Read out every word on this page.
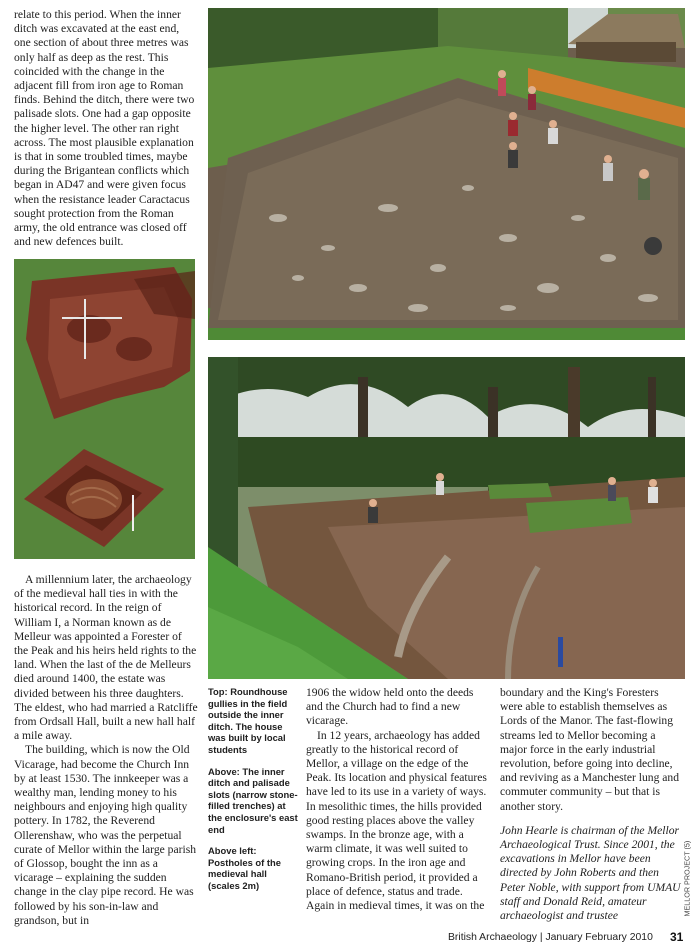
relate to this period. When the inner ditch was excavated at the east end, one section of about three metres was only half as deep as the rest. This coincided with the change in the adjacent fill from iron age to Roman finds. Behind the ditch, there were two palisade slots. One had a gap opposite the higher level. The other ran right across. The most plausible explanation is that in some troubled times, maybe during the Brigantean conflicts which began in AD47 and were given focus when the resistance leader Caractacus sought protection from the Roman army, the old entrance was closed off and new defences built.

A millennium later, the archaeology of the medieval hall ties in with the historical record. In the reign of William I, a Norman known as de Melleur was appointed a Forester of the Peak and his heirs held rights to the land. When the last of the de Melleurs died around 1400, the estate was divided between his three daughters. The eldest, who had married a Ratcliffe from Ordsall Hall, built a new hall half a mile away.

The building, which is now the Old Vicarage, had become the Church Inn by at least 1530. The innkeeper was a wealthy man, lending money to his neighbours and enjoying high quality pottery. In 1782, the Reverend Ollerenshaw, who was the perpetual curate of Mellor within the large parish of Glossop, bought the inn as a vicarage – explaining the sudden change in the clay pipe record. He was followed by his son-in-law and grandson, but in

Top: Roundhouse gullies in the field outside the inner ditch. The house was built by local students

Above: The inner ditch and palisade slots (narrow stone-filled trenches) at the enclosure's east end

Above left: Postholes of the medieval hall (scales 2m)

1906 the widow held onto the deeds and the Church had to find a new vicarage.

In 12 years, archaeology has added greatly to the historical record of Mellor, a village on the edge of the Peak. Its location and physical features have led to its use in a variety of ways. In mesolithic times, the hills provided good resting places above the valley swamps. In the bronze age, with a warm climate, it was well suited to growing crops. In the iron age and Romano-British period, it provided a place of defence, status and trade. Again in medieval times, it was on the

boundary and the King's Foresters were able to establish themselves as Lords of the Manor. The fast-flowing streams led to Mellor becoming a major force in the early industrial revolution, before going into decline, and reviving as a Manchester lung and commuter community – but that is another story.

John Hearle is chairman of the Mellor Archaeological Trust. Since 2001, the excavations in Mellor have been directed by John Roberts and then Peter Noble, with support from UMAU staff and Donald Reid, amateur archaeologist and trustee	MELLOR PROJECT (5)
British Archaeology | January February 2010 31
